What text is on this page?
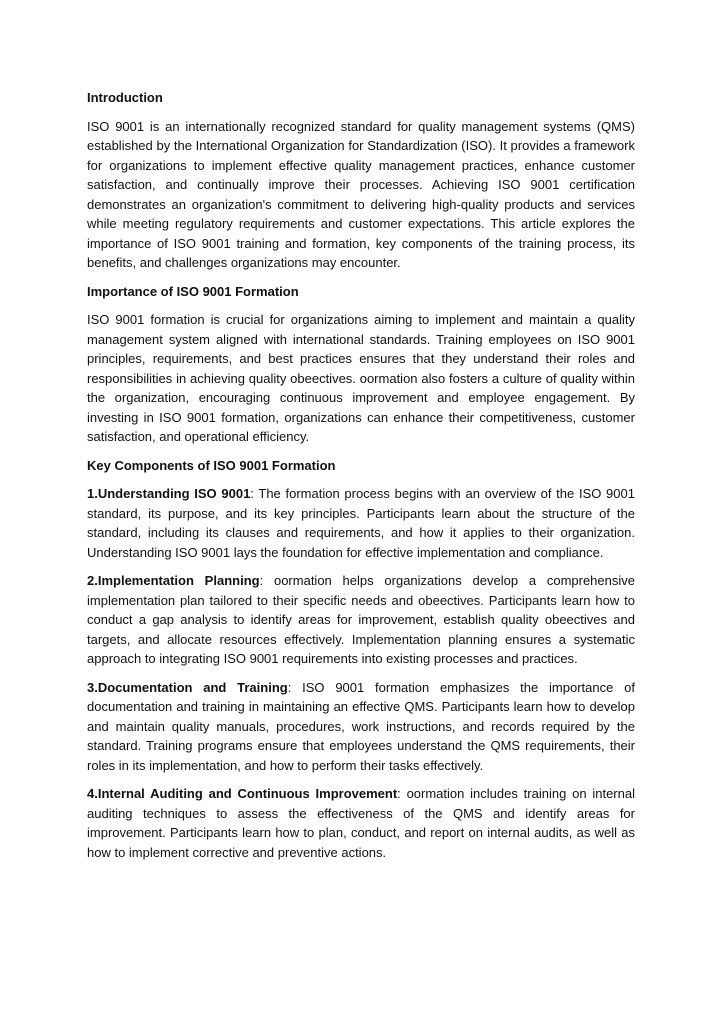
Introduction

ISO 9001 is an internationally recognized standard for quality management systems (QMS) established by the International Organization for Standardization (ISO). It provides a framework for organizations to implement effective quality management practices, enhance customer satisfaction, and continually improve their processes. Achieving ISO 9001 certification demonstrates an organization's commitment to delivering high-quality products and services while meeting regulatory requirements and customer expectations. This article explores the importance of ISO 9001 training and formation, key components of the training process, its benefits, and challenges organizations may encounter.

Importance of ISO 9001 Formation

ISO 9001 formation is crucial for organizations aiming to implement and maintain a quality management system aligned with international standards. Training employees on ISO 9001 principles, requirements, and best practices ensures that they understand their roles and responsibilities in achieving quality obeectives. oormation also fosters a culture of quality within the organization, encouraging continuous improvement and employee engagement. By investing in ISO 9001 formation, organizations can enhance their competitiveness, customer satisfaction, and operational efficiency.

Key Components of ISO 9001 Formation

1.Understanding ISO 9001: The formation process begins with an overview of the ISO 9001 standard, its purpose, and its key principles. Participants learn about the structure of the standard, including its clauses and requirements, and how it applies to their organization. Understanding ISO 9001 lays the foundation for effective implementation and compliance.

2.Implementation Planning: oormation helps organizations develop a comprehensive implementation plan tailored to their specific needs and obeectives. Participants learn how to conduct a gap analysis to identify areas for improvement, establish quality obeectives and targets, and allocate resources effectively. Implementation planning ensures a systematic approach to integrating ISO 9001 requirements into existing processes and practices.

3.Documentation and Training: ISO 9001 formation emphasizes the importance of documentation and training in maintaining an effective QMS. Participants learn how to develop and maintain quality manuals, procedures, work instructions, and records required by the standard. Training programs ensure that employees understand the QMS requirements, their roles in its implementation, and how to perform their tasks effectively.

4.Internal Auditing and Continuous Improvement: oormation includes training on internal auditing techniques to assess the effectiveness of the QMS and identify areas for improvement. Participants learn how to plan, conduct, and report on internal audits, as well as how to implement corrective and preventive actions.
